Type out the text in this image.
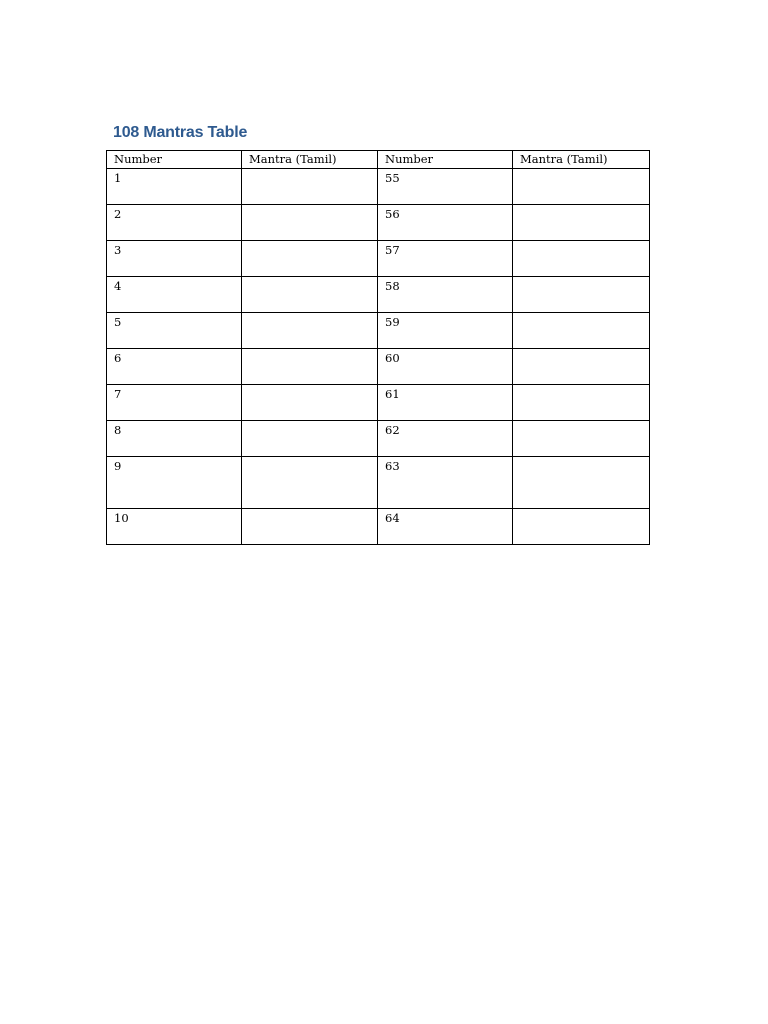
108 Mantras Table
Number	Mantra (Tamil)	Number	Mantra (Tamil)
1		55	
2		56	
3		57	
4		58	
5		59	
6		60	
7		61	
8		62	
9		63	
10		64	
